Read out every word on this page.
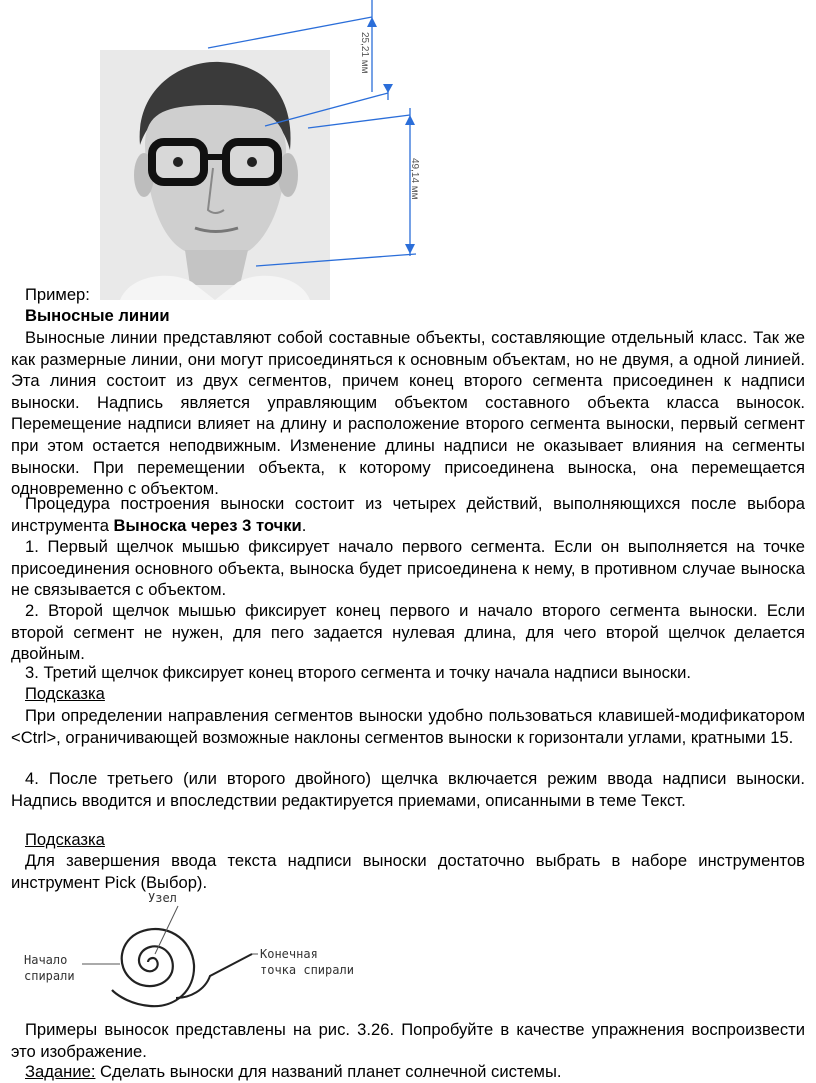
25,21 мм
49,14 мм
Пример:
Выносные линии
Выносные линии представляют собой составные объекты, составляющие отдельный класс. Так же как размерные линии, они могут присоединяться к основным объектам, но не двумя, а одной линией. Эта линия состоит из двух сегментов, причем конец второго сегмента присоединен к надписи выноски. Надпись является управляющим объектом составного объекта класса выносок. Перемещение надписи влияет на длину и расположение второго сегмента выноски, первый сегмент при этом остается неподвижным. Изменение длины надписи не оказывает влияния на сегменты выноски. При перемещении объекта, к которому присоединена выноска, она перемещается одновременно с объектом.
Процедура построения выноски состоит из четырех действий, выполняющихся после выбора инструмента Выноска через 3 точки.
1. Первый щелчок мышью фиксирует начало первого сегмента. Если он выполняется на точке присоединения основного объекта, выноска будет присоединена к нему, в противном случае выноска не связывается с объектом.
2. Второй щелчок мышью фиксирует конец первого и начало второго сегмента выноски. Если второй сегмент не нужен, для пего задается нулевая длина, для чего второй щелчок делается двойным.
3. Третий щелчок фиксирует конец второго сегмента и точку начала надписи выноски.
Подсказка
При определении направления сегментов выноски удобно пользоваться клавишей-модификатором <Ctrl>, ограничивающей возможные наклоны сегментов выноски к горизонтали углами, кратными 15.
4. После третьего (или второго двойного) щелчка включается режим ввода надписи выноски. Надпись вводится и впоследствии редактируется приемами, описанными в теме Текст.
Подсказка
Для завершения ввода текста надписи выноски достаточно выбрать в наборе инструментов инструмент Pick (Выбор).
Узел
Начало
спирали
Конечная
точка спирали
Примеры выносок представлены на рис. 3.26. Попробуйте в качестве упражнения воспроизвести это изображение.
Задание: Сделать выноски для названий планет солнечной системы.
